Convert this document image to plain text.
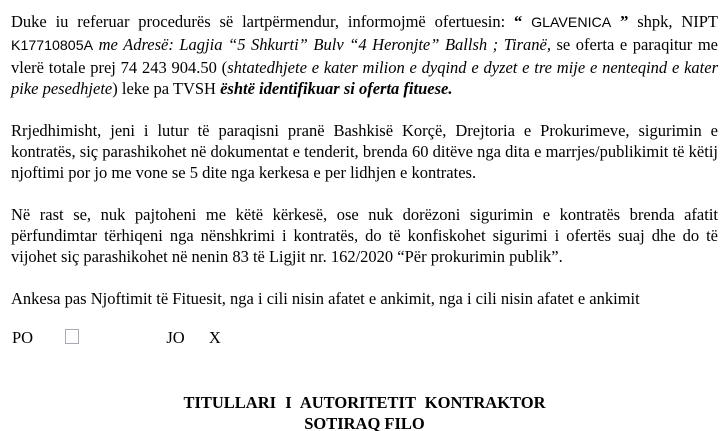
Duke iu referuar procedurës së lartpërmendur, informojmë ofertuesin: “ GLAVENICA ” shpk, NIPT K17710805A me Adresë: Lagjia “5 Shkurti” Bulv “4 Heronjte” Ballsh ; Tiranë, se oferta e paraqitur me vlerë totale prej 74 243 904.50 (shtatedhjete e kater milion e dyqind e dyzet e tre mije e nenteqind e kater pike pesedhjete) leke pa TVSH është identifikuar si oferta fituese.

Rrjedhimisht, jeni i lutur të paraqisni pranë Bashkisë Korçë, Drejtoria e Prokurimeve, sigurimin e kontratës, siç parashikohet në dokumentat e tenderit, brenda 60 ditëve nga dita e marrjes/publikimit të këtij njoftimi por jo me vone se 5 dite nga kerkesa e per lidhjen e kontrates.

Në rast se, nuk pajtoheni me këtë kërkesë, ose nuk dorëzoni sigurimin e kontratës brenda afatit përfundimtar tërhiqeni nga nënshkrimi i kontratës, do të konfiskohet sigurimi i ofertës suaj dhe do të vijohet siç parashikohet në nenin 83 të Ligjit nr. 162/2020 “Për prokurimin publik”.

Ankesa pas Njoftimit të Fituesit, nga i cili nisin afatet e ankimit, nga i cili nisin afatet e ankimit

PO	JO X
TITULLARI I AUTORITETIT KONTRAKTOR
SOTIRAQ FILO
